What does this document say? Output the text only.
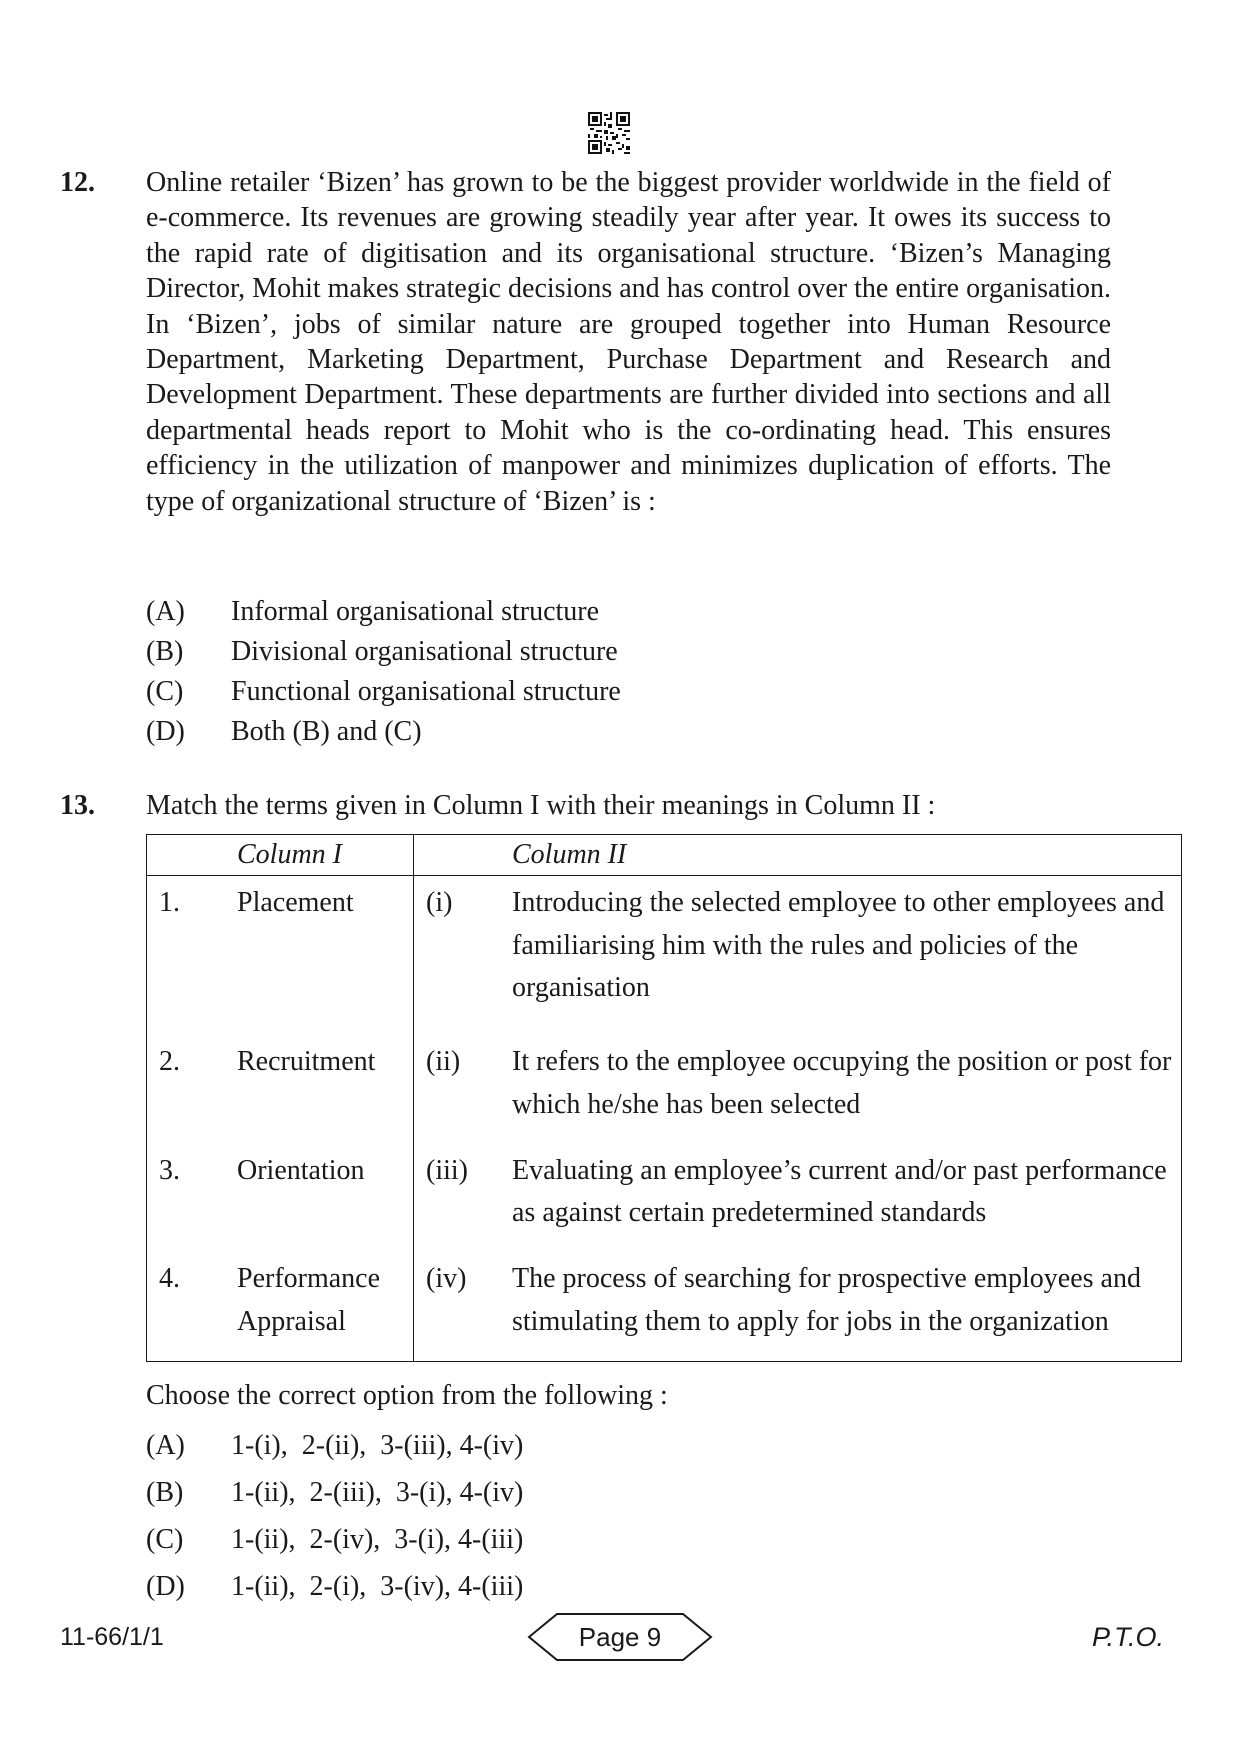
12. Online retailer ‘Bizen’ has grown to be the biggest provider worldwide in the field of e-commerce. Its revenues are growing steadily year after year. It owes its success to the rapid rate of digitisation and its organisational structure. ‘Bizen’s Managing Director, Mohit makes strategic decisions and has control over the entire organisation. In ‘Bizen’, jobs of similar nature are grouped together into Human Resource Department, Marketing Department, Purchase Department and Research and Development Department. These departments are further divided into sections and all departmental heads report to Mohit who is the co-ordinating head. This ensures efficiency in the utilization of manpower and minimizes duplication of efforts. The type of organizational structure of ‘Bizen’ is :
(A)	Informal organisational structure
(B)	Divisional organisational structure
(C)	Functional organisational structure
(D)	Both (B) and (C)
13. Match the terms given in Column I with their meanings in Column II :
	Column I		Column II
1.	Placement	(i)	Introducing the selected employee to other employees and familiarising him with the rules and policies of the organisation
2.	Recruitment	(ii)	It refers to the employee occupying the position or post for which he/she has been selected
3.	Orientation	(iii)	Evaluating an employee’s current and/or past performance as against certain predetermined standards
4.	Performance Appraisal	(iv)	The process of searching for prospective employees and stimulating them to apply for jobs in the organization
Choose the correct option from the following :
(A)	1-(i),  2-(ii),  3-(iii), 4-(iv)
(B)	1-(ii),  2-(iii),  3-(i), 4-(iv)
(C)	1-(ii),  2-(iv),  3-(i), 4-(iii)
(D)	1-(ii),  2-(i),  3-(iv), 4-(iii)
11-66/1/1	Page 9	P.T.O.
